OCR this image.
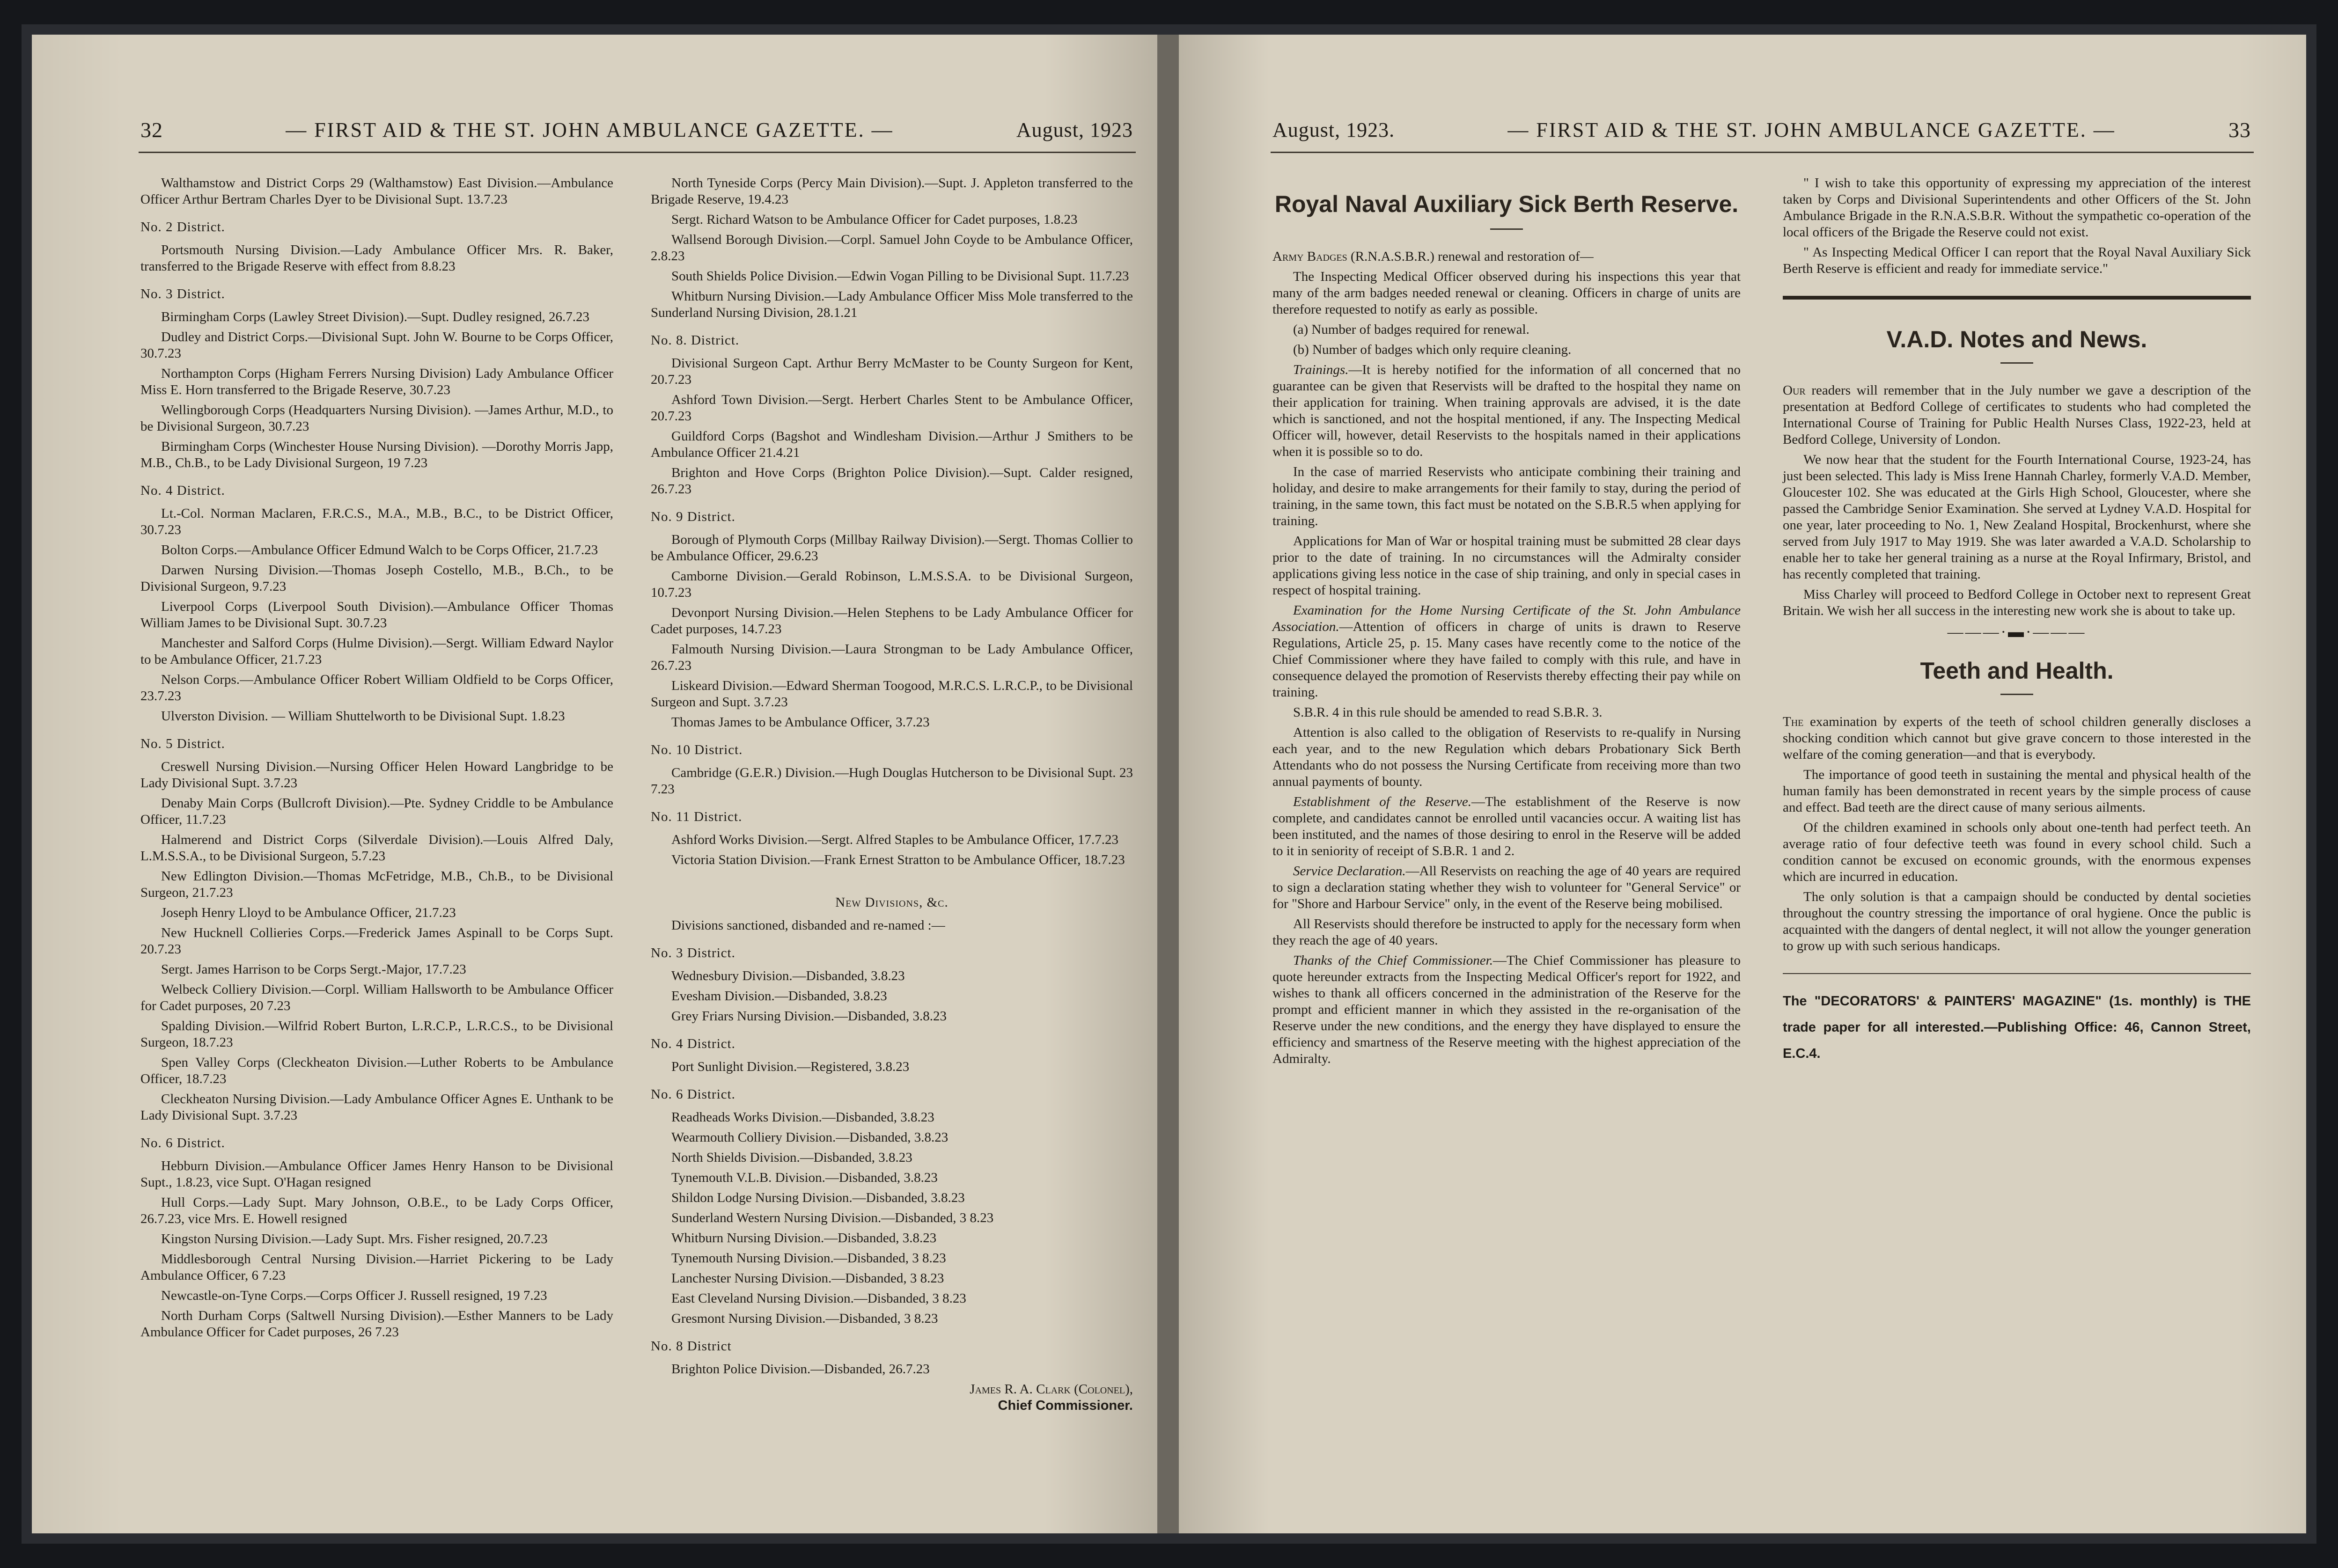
32	— FIRST AID & THE ST. JOHN AMBULANCE GAZETTE. —	August, 1923

Walthamstow and District Corps 29 (Walthamstow) East Division.—Ambulance Officer Arthur Bertram Charles Dyer to be Divisional Supt. 13.7.23

No. 2 District.

Portsmouth Nursing Division.—Lady Ambulance Officer Mrs. R. Baker, transferred to the Brigade Reserve with effect from 8.8.23

No. 3 District.

Birmingham Corps (Lawley Street Division).—Supt. Dudley resigned, 26.7.23

Dudley and District Corps.—Divisional Supt. John W. Bourne to be Corps Officer, 30.7.23

Northampton Corps (Higham Ferrers Nursing Division) Lady Ambulance Officer Miss E. Horn transferred to the Brigade Reserve, 30.7.23

Wellingborough Corps (Headquarters Nursing Division). —James Arthur, M.D., to be Divisional Surgeon, 30.7.23

Birmingham Corps (Winchester House Nursing Division). —Dorothy Morris Japp, M.B., Ch.B., to be Lady Divisional Surgeon, 19 7.23

No. 4 District.

Lt.-Col. Norman Maclaren, F.R.C.S., M.A., M.B., B.C., to be District Officer, 30.7.23

Bolton Corps.—Ambulance Officer Edmund Walch to be Corps Officer, 21.7.23

Darwen Nursing Division.—Thomas Joseph Costello, M.B., B.Ch., to be Divisional Surgeon, 9.7.23

Liverpool Corps (Liverpool South Division).—Ambulance Officer Thomas William James to be Divisional Supt. 30.7.23

Manchester and Salford Corps (Hulme Division).—Sergt. William Edward Naylor to be Ambulance Officer, 21.7.23

Nelson Corps.—Ambulance Officer Robert William Oldfield to be Corps Officer, 23.7.23

Ulverston Division. — William Shuttelworth to be Divisional Supt. 1.8.23

No. 5 District.

Creswell Nursing Division.—Nursing Officer Helen Howard Langbridge to be Lady Divisional Supt. 3.7.23

Denaby Main Corps (Bullcroft Division).—Pte. Sydney Criddle to be Ambulance Officer, 11.7.23

Halmerend and District Corps (Silverdale Division).—Louis Alfred Daly, L.M.S.S.A., to be Divisional Surgeon, 5.7.23

New Edlington Division.—Thomas McFetridge, M.B., Ch.B., to be Divisional Surgeon, 21.7.23

Joseph Henry Lloyd to be Ambulance Officer, 21.7.23

New Hucknell Collieries Corps.—Frederick James Aspinall to be Corps Supt. 20.7.23

Sergt. James Harrison to be Corps Sergt.-Major, 17.7.23

Welbeck Colliery Division.—Corpl. William Hallsworth to be Ambulance Officer for Cadet purposes, 20 7.23

Spalding Division.—Wilfrid Robert Burton, L.R.C.P., L.R.C.S., to be Divisional Surgeon, 18.7.23

Spen Valley Corps (Cleckheaton Division.—Luther Roberts to be Ambulance Officer, 18.7.23

Cleckheaton Nursing Division.—Lady Ambulance Officer Agnes E. Unthank to be Lady Divisional Supt. 3.7.23

No. 6 District.

Hebburn Division.—Ambulance Officer James Henry Hanson to be Divisional Supt., 1.8.23, vice Supt. O'Hagan resigned

Hull Corps.—Lady Supt. Mary Johnson, O.B.E., to be Lady Corps Officer, 26.7.23, vice Mrs. E. Howell resigned

Kingston Nursing Division.—Lady Supt. Mrs. Fisher resigned, 20.7.23

Middlesborough Central Nursing Division.—Harriet Pickering to be Lady Ambulance Officer, 6 7.23

Newcastle-on-Tyne Corps.—Corps Officer J. Russell resigned, 19 7.23

North Durham Corps (Saltwell Nursing Division).—Esther Manners to be Lady Ambulance Officer for Cadet purposes, 26 7.23

North Tyneside Corps (Percy Main Division).—Supt. J. Appleton transferred to the Brigade Reserve, 19.4.23

Sergt. Richard Watson to be Ambulance Officer for Cadet purposes, 1.8.23

Wallsend Borough Division.—Corpl. Samuel John Coyde to be Ambulance Officer, 2.8.23

South Shields Police Division.—Edwin Vogan Pilling to be Divisional Supt. 11.7.23

Whitburn Nursing Division.—Lady Ambulance Officer Miss Mole transferred to the Sunderland Nursing Division, 28.1.21

No. 8. District.

Divisional Surgeon Capt. Arthur Berry McMaster to be County Surgeon for Kent, 20.7.23

Ashford Town Division.—Sergt. Herbert Charles Stent to be Ambulance Officer, 20.7.23

Guildford Corps (Bagshot and Windlesham Division.—Arthur J Smithers to be Ambulance Officer 21.4.21

Brighton and Hove Corps (Brighton Police Division).—Supt. Calder resigned, 26.7.23

No. 9 District.

Borough of Plymouth Corps (Millbay Railway Division).—Sergt. Thomas Collier to be Ambulance Officer, 29.6.23

Camborne Division.—Gerald Robinson, L.M.S.S.A. to be Divisional Surgeon, 10.7.23

Devonport Nursing Division.—Helen Stephens to be Lady Ambulance Officer for Cadet purposes, 14.7.23

Falmouth Nursing Division.—Laura Strongman to be Lady Ambulance Officer, 26.7.23

Liskeard Division.—Edward Sherman Toogood, M.R.C.S. L.R.C.P., to be Divisional Surgeon and Supt. 3.7.23

Thomas James to be Ambulance Officer, 3.7.23

No. 10 District.

Cambridge (G.E.R.) Division.—Hugh Douglas Hutcherson to be Divisional Supt. 23 7.23

No. 11 District.

Ashford Works Division.—Sergt. Alfred Staples to be Ambulance Officer, 17.7.23

Victoria Station Division.—Frank Ernest Stratton to be Ambulance Officer, 18.7.23

New Divisions, &c.

Divisions sanctioned, disbanded and re-named :—

No. 3 District.

Wednesbury Division.—Disbanded, 3.8.23

Evesham Division.—Disbanded, 3.8.23

Grey Friars Nursing Division.—Disbanded, 3.8.23

No. 4 District.

Port Sunlight Division.—Registered, 3.8.23

No. 6 District.

Readheads Works Division.—Disbanded, 3.8.23

Wearmouth Colliery Division.—Disbanded, 3.8.23

North Shields Division.—Disbanded, 3.8.23

Tynemouth V.L.B. Division.—Disbanded, 3.8.23

Shildon Lodge Nursing Division.—Disbanded, 3.8.23

Sunderland Western Nursing Division.—Disbanded, 3 8.23

Whitburn Nursing Division.—Disbanded, 3.8.23

Tynemouth Nursing Division.—Disbanded, 3 8.23

Lanchester Nursing Division.—Disbanded, 3 8.23

East Cleveland Nursing Division.—Disbanded, 3 8.23

Gresmont Nursing Division.—Disbanded, 3 8.23

No. 8 District

Brighton Police Division.—Disbanded, 26.7.23

James R. A. Clark (Colonel),
Chief Commissioner.
August, 1923.	— FIRST AID & THE ST. JOHN AMBULANCE GAZETTE. —	33
Royal Naval Auxiliary Sick Berth Reserve.

Army Badges (R.N.A.S.B.R.) renewal and restoration of—

The Inspecting Medical Officer observed during his inspections this year that many of the arm badges needed renewal or cleaning. Officers in charge of units are therefore requested to notify as early as possible.

(a) Number of badges required for renewal.

(b) Number of badges which only require cleaning.

Trainings.—It is hereby notified for the information of all concerned that no guarantee can be given that Reservists will be drafted to the hospital they name on their application for training. When training approvals are advised, it is the date which is sanctioned, and not the hospital mentioned, if any. The Inspecting Medical Officer will, however, detail Reservists to the hospitals named in their applications when it is possible so to do.

In the case of married Reservists who anticipate combining their training and holiday, and desire to make arrangements for their family to stay, during the period of training, in the same town, this fact must be notated on the S.B.R.5 when applying for training.

Applications for Man of War or hospital training must be submitted 28 clear days prior to the date of training. In no circumstances will the Admiralty consider applications giving less notice in the case of ship training, and only in special cases in respect of hospital training.

Examination for the Home Nursing Certificate of the St. John Ambulance Association.—Attention of officers in charge of units is drawn to Reserve Regulations, Article 25, p. 15. Many cases have recently come to the notice of the Chief Commissioner where they have failed to comply with this rule, and have in consequence delayed the promotion of Reservists thereby effecting their pay while on training.

S.B.R. 4 in this rule should be amended to read S.B.R. 3.

Attention is also called to the obligation of Reservists to re-qualify in Nursing each year, and to the new Regulation which debars Probationary Sick Berth Attendants who do not possess the Nursing Certificate from receiving more than two annual payments of bounty.

Establishment of the Reserve.—The establishment of the Reserve is now complete, and candidates cannot be enrolled until vacancies occur. A waiting list has been instituted, and the names of those desiring to enrol in the Reserve will be added to it in seniority of receipt of S.B.R. 1 and 2.

Service Declaration.—All Reservists on reaching the age of 40 years are required to sign a declaration stating whether they wish to volunteer for "General Service" or for "Shore and Harbour Service" only, in the event of the Reserve being mobilised.

All Reservists should therefore be instructed to apply for the necessary form when they reach the age of 40 years.

Thanks of the Chief Commissioner.—The Chief Commissioner has pleasure to quote hereunder extracts from the Inspecting Medical Officer's report for 1922, and wishes to thank all officers concerned in the administration of the Reserve for the prompt and efficient manner in which they assisted in the re-organisation of the Reserve under the new conditions, and the energy they have displayed to ensure the efficiency and smartness of the Reserve meeting with the highest appreciation of the Admiralty.

" I wish to take this opportunity of expressing my appreciation of the interest taken by Corps and Divisional Superintendents and other Officers of the St. John Ambulance Brigade in the R.N.A.S.B.R. Without the sympathetic co-operation of the local officers of the Brigade the Reserve could not exist.

" As Inspecting Medical Officer I can report that the Royal Naval Auxiliary Sick Berth Reserve is efficient and ready for immediate service."

V.A.D. Notes and News.

Our readers will remember that in the July number we gave a description of the presentation at Bedford College of certificates to students who had completed the International Course of Training for Public Health Nurses Class, 1922-23, held at Bedford College, University of London.

We now hear that the student for the Fourth International Course, 1923-24, has just been selected. This lady is Miss Irene Hannah Charley, formerly V.A.D. Member, Gloucester 102. She was educated at the Girls High School, Gloucester, where she passed the Cambridge Senior Examination. She served at Lydney V.A.D. Hospital for one year, later proceeding to No. 1, New Zealand Hospital, Brockenhurst, where she served from July 1917 to May 1919. She was later awarded a V.A.D. Scholarship to enable her to take her general training as a nurse at the Royal Infirmary, Bristol, and has recently completed that training.

Miss Charley will proceed to Bedford College in October next to represent Great Britain. We wish her all success in the interesting new work she is about to take up.

———·▬·———
Teeth and Health.

The examination by experts of the teeth of school children generally discloses a shocking condition which cannot but give grave concern to those interested in the welfare of the coming generation—and that is everybody.

The importance of good teeth in sustaining the mental and physical health of the human family has been demonstrated in recent years by the simple process of cause and effect. Bad teeth are the direct cause of many serious ailments.

Of the children examined in schools only about one-tenth had perfect teeth. An average ratio of four defective teeth was found in every school child. Such a condition cannot be excused on economic grounds, with the enormous expenses which are incurred in education.

The only solution is that a campaign should be conducted by dental societies throughout the country stressing the importance of oral hygiene. Once the public is acquainted with the dangers of dental neglect, it will not allow the younger generation to grow up with such serious handicaps.

The "DECORATORS' & PAINTERS' MAGAZINE" (1s. monthly) is THE trade paper for all interested.—Publishing Office: 46, Cannon Street, E.C.4.
